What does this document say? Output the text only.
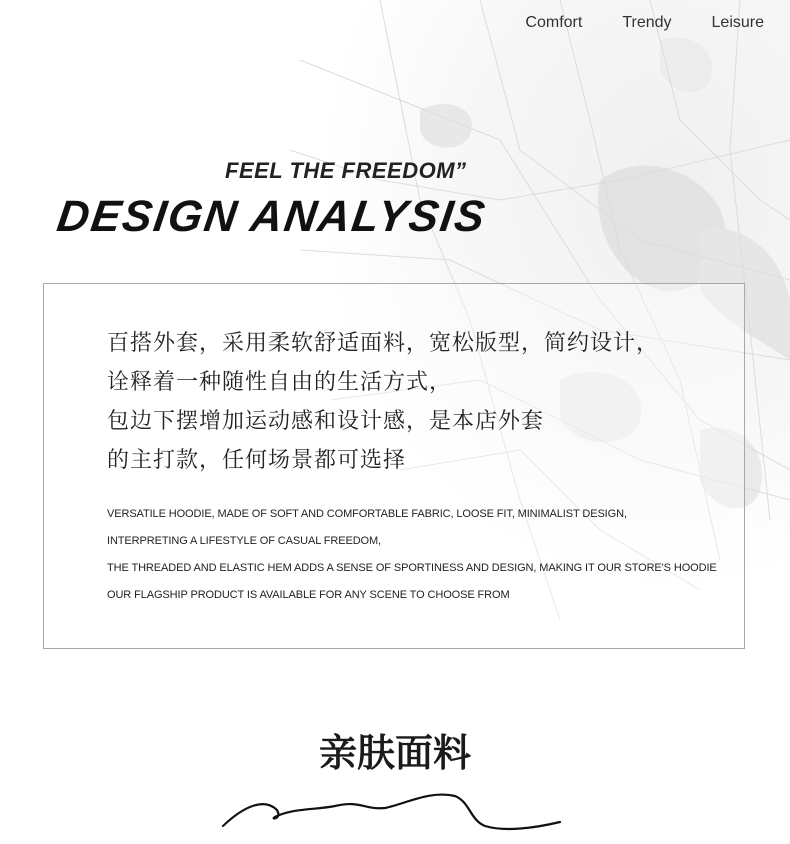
Comfort	Trendy	Leisure
FEEL THE FREEDOM”
DESIGN ANALYSIS
百搭外套，采用柔软舒适面料，宽松版型，简约设计，
诠释着一种随性自由的生活方式，
包边下摆增加运动感和设计感，是本店外套
的主打款，任何场景都可选择
VERSATILE HOODIE, MADE OF SOFT AND COMFORTABLE FABRIC, LOOSE FIT, MINIMALIST DESIGN,
INTERPRETING A LIFESTYLE OF CASUAL FREEDOM,
THE THREADED AND ELASTIC HEM ADDS A SENSE OF SPORTINESS AND DESIGN, MAKING IT OUR STORE'S HOODIE
OUR FLAGSHIP PRODUCT IS AVAILABLE FOR ANY SCENE TO CHOOSE FROM
亲肤面料
